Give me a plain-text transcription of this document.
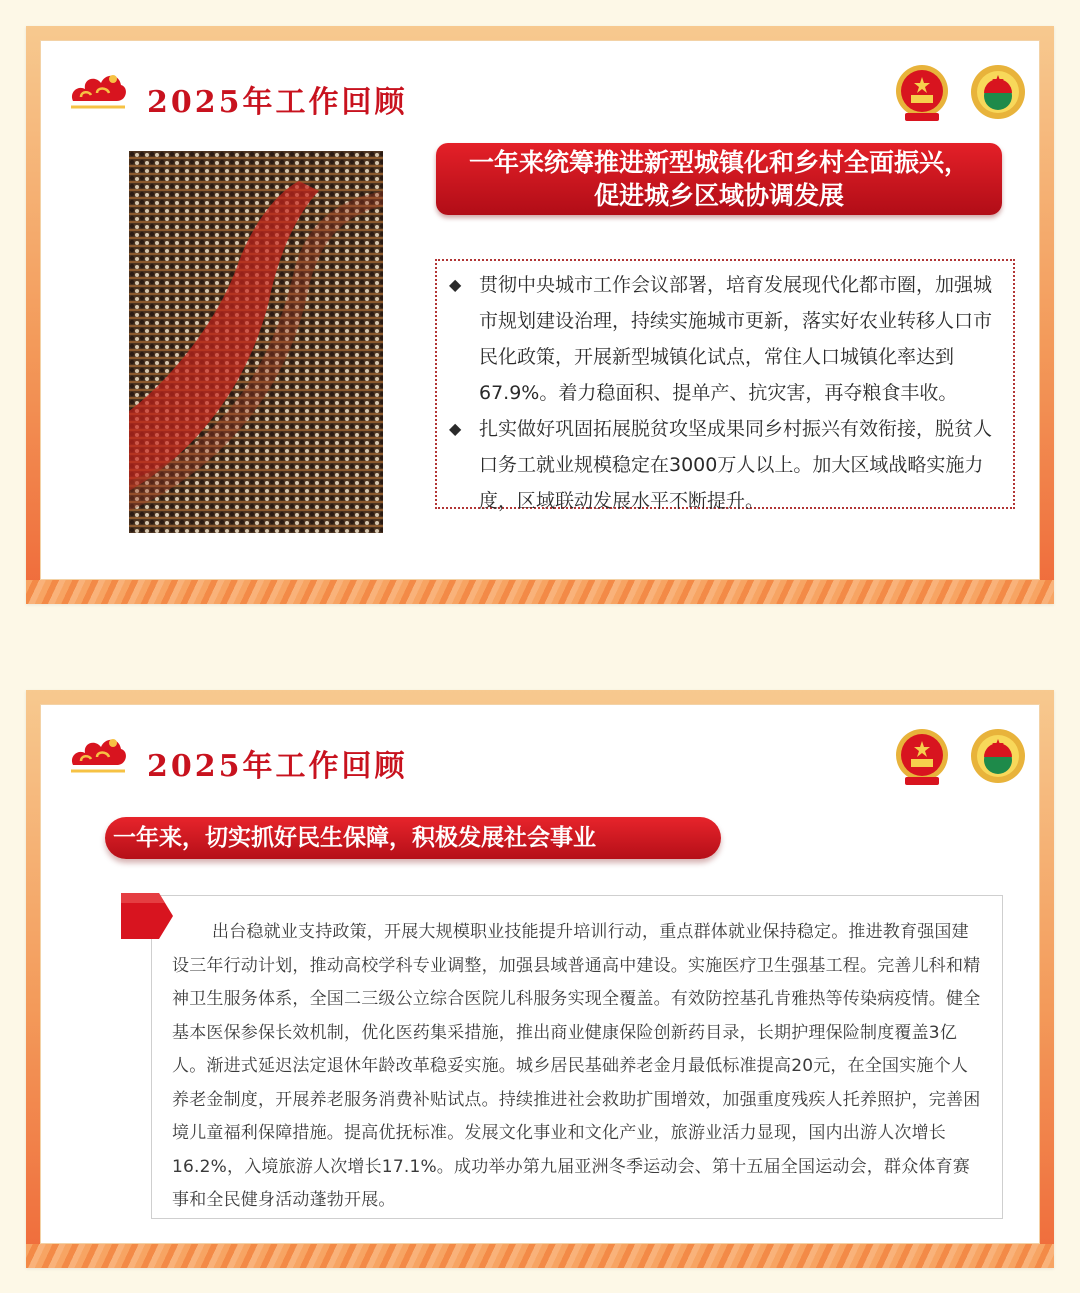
2025年工作回顾
一年来统筹推进新型城镇化和乡村全面振兴，
促进城乡区域协调发展
◆ 贯彻中央城市工作会议部署，培育发展现代化都市圈，加强城市规划建设治理，持续实施城市更新，落实好农业转移人口市民化政策，开展新型城镇化试点，常住人口城镇化率达到67.9%。着力稳面积、提单产、抗灾害，再夺粮食丰收。
◆ 扎实做好巩固拓展脱贫攻坚成果同乡村振兴有效衔接，脱贫人口务工就业规模稳定在3000万人以上。加大区域战略实施力度，区域联动发展水平不断提升。
2025年工作回顾
一年来，切实抓好民生保障，积极发展社会事业

出台稳就业支持政策，开展大规模职业技能提升培训行动，重点群体就业保持稳定。推进教育强国建设三年行动计划，推动高校学科专业调整，加强县域普通高中建设。实施医疗卫生强基工程。完善儿科和精神卫生服务体系，全国二三级公立综合医院儿科服务实现全覆盖。有效防控基孔肯雅热等传染病疫情。健全基本医保参保长效机制，优化医药集采措施，推出商业健康保险创新药目录，长期护理保险制度覆盖3亿人。渐进式延迟法定退休年龄改革稳妥实施。城乡居民基础养老金月最低标准提高20元，在全国实施个人养老金制度，开展养老服务消费补贴试点。持续推进社会救助扩围增效，加强重度残疾人托养照护，完善困境儿童福利保障措施。提高优抚标准。发展文化事业和文化产业，旅游业活力显现，国内出游人次增长16.2%，入境旅游人次增长17.1%。成功举办第九届亚洲冬季运动会、第十五届全国运动会，群众体育赛事和全民健身活动蓬勃开展。
